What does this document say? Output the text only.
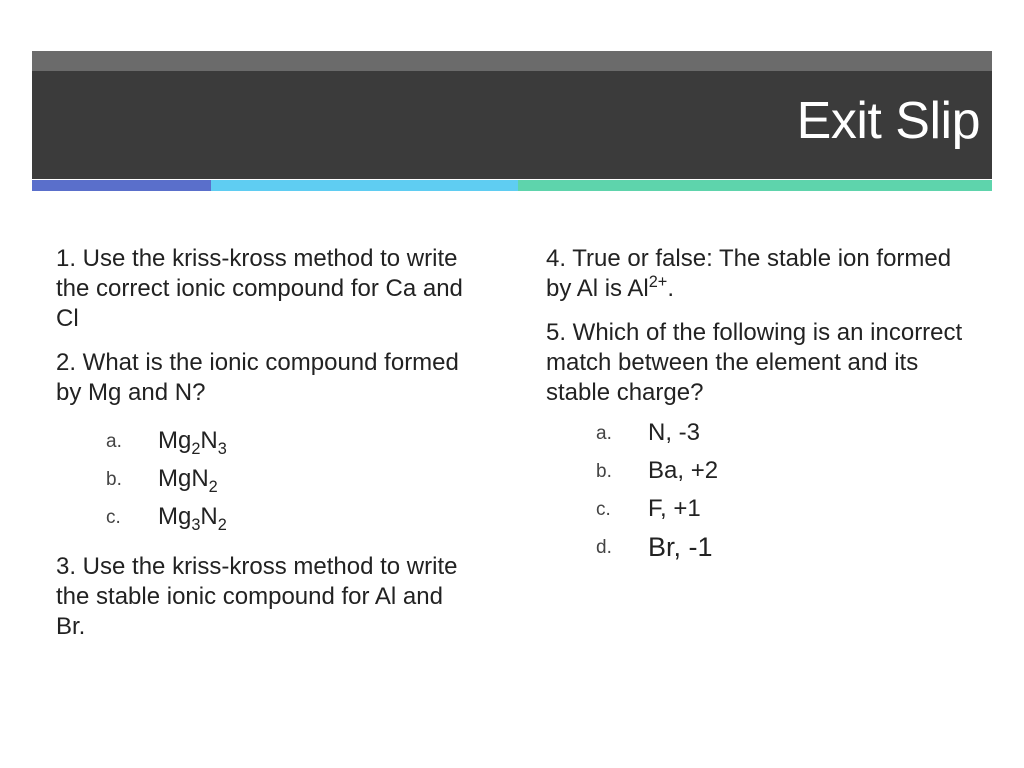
Exit Slip

1. Use the kriss-kross method to write the correct ionic compound for Ca and Cl

2. What is the ionic compound formed by Mg and N?

a. $Mg_2N_3$
b. MgN$_2$
c. $Mg_3N_2$

3. Use the kriss-kross method to write the stable ionic compound for Al and Br.

4. True or false: The stable ion formed by Al is $Al^{2+}$.

5. Which of the following is an incorrect match between the element and its stable charge?

a. N, -3
b. Ba, +2
c. F, +1
d. Br, -1
